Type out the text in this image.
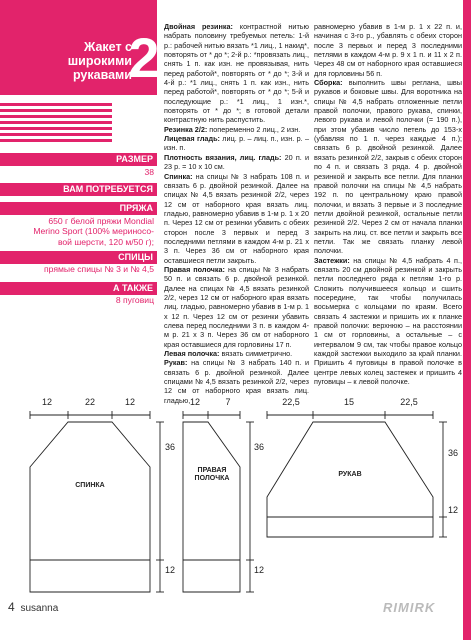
Жакет с
широкими
рукавами
2
РАЗМЕР
38
ВАМ ПОТРЕБУЕТСЯ
ПРЯЖА
650 г белой пряжи Mondial
Merino Sport (100% мериносо-
вой шерсти, 120 м/50 г);
СПИЦЫ
прямые спицы № 3 и № 4,5
А ТАКЖЕ
8 пуговиц
Двойная резинка: контрастной нитью набрать половину требуемых петель: 1-й р.: рабочей нитью вязать *1 лиц., 1 накид*, повторять от * до *; 2-й р.: *провязать лиц., снять 1 п. как изн. не провязывая, нить перед работой*, повторять от * до *; 3-й и 4-й р.: *1 лиц., снять 1 п. как изн., нить перед работой*, повторять от * до *; 5-й и последующие р.: *1 лиц., 1 изн.*, повторять от * до *; в готовой детали контрастную нить распустить.
Резинка 2/2: попеременно 2 лиц., 2 изн.
Лицевая гладь: лиц. р. – лиц. п., изн. р. – изн. п.
Плотность вязания, лиц. гладь: 20 п. и 23 р. = 10 х 10 см.
Спинка: на спицы № 3 набрать 108 п. и связать 6 р. двойной резинкой. Далее на спицах № 4,5 вязать резинкой 2/2, через 12 см от наборного края вязать лиц. гладью, равномерно убавив в 1-м р. 1 х 20 п. Через 12 см от резинки убавить с обеих сторон после 3 первых и перед 3 последними петлями в каждом 4-м р. 21 х 3 п. Через 36 см от наборного края оставшиеся петли закрыть.
Правая полочка: на спицы № 3 набрать 50 п. и связать 6 р. двойной резинкой. Далее на спицах № 4,5 вязать резинкой 2/2, через 12 см от наборного края вязать лиц. гладью, равномерно убавив в 1-м р. 1 х 12 п. Через 12 см от резинки убавить слева перед последними 3 п. в каждом 4-м р. 21 х 3 п. Через 36 см от наборного края оставшиеся для горловины 17 п.
Левая полочка: вязать симметрично.
Рукав: на спицы № 3 набрать 140 п. и связать 6 р. двойной резинкой. Далее спицами № 4,5 вязать резинкой 2/2, через 12 см от наборного края вязать лиц. гладью,
равномерно убавив в 1-м р. 1 х 22 п. и, начиная с 3-го р., убавлять с обеих сторон после 3 первых и перед 3 последними петлями в каждом 4-м р. 9 х 1 п. и 11 х 2 п. Через 48 см от наборного края оставшиеся для горловины 56 п.
Сборка: выполнить швы реглана, швы рукавов и боковые швы. Для воротника на спицы № 4,5 набрать отложенные петли правой полочки, правого рукава, спинки, левого рукава и левой полочки (= 190 п.), при этом убавив число петель до 153-х (убавляя по 1 п. через каждые 4 п.); связать 6 р. двойной резинкой. Далее вязать резинкой 2/2, закрыв с обеих сторон по 4 п. и связать 3 ряда. 4 р. двойной резинкой и закрыть все петли. Для планки правой полочки на спицы № 4,5 набрать 192 п. по центральному краю правой полочки, и вязать 3 первые и 3 последние петли двойной резинкой, остальные петли резинкой 2/2. Через 2 см от начала планки закрыть на лиц. ст. все петли и закрыть все петли. Так же связать планку левой полочки.
Застежки: на спицы № 4,5 набрать 4 п., связать 20 см двойной резинкой и закрыть петли последнего ряда к петлям 1-го р. Сложить получившееся кольцо и сшить посередине, так чтобы получилась восьмерка с кольцами по краям. Всего связать 4 застежки и пришить их к планке правой полочки: верхнюю – на расстоянии 1 см от горловины, а остальные – с интервалом 9 см, так чтобы правое кольцо каждой застежки выходило за край планки. Пришить 4 пуговицы в правой полочке в центре левых колец застежек и пришить 4 пуговицы – к левой полочке.
12	22	12
36
12
СПИНКА
12	7
36
12
ПРАВАЯ
ПОЛОЧКА
22,5	15	22,5
36
12
РУКАВ
4 susanna	RIMIRK
